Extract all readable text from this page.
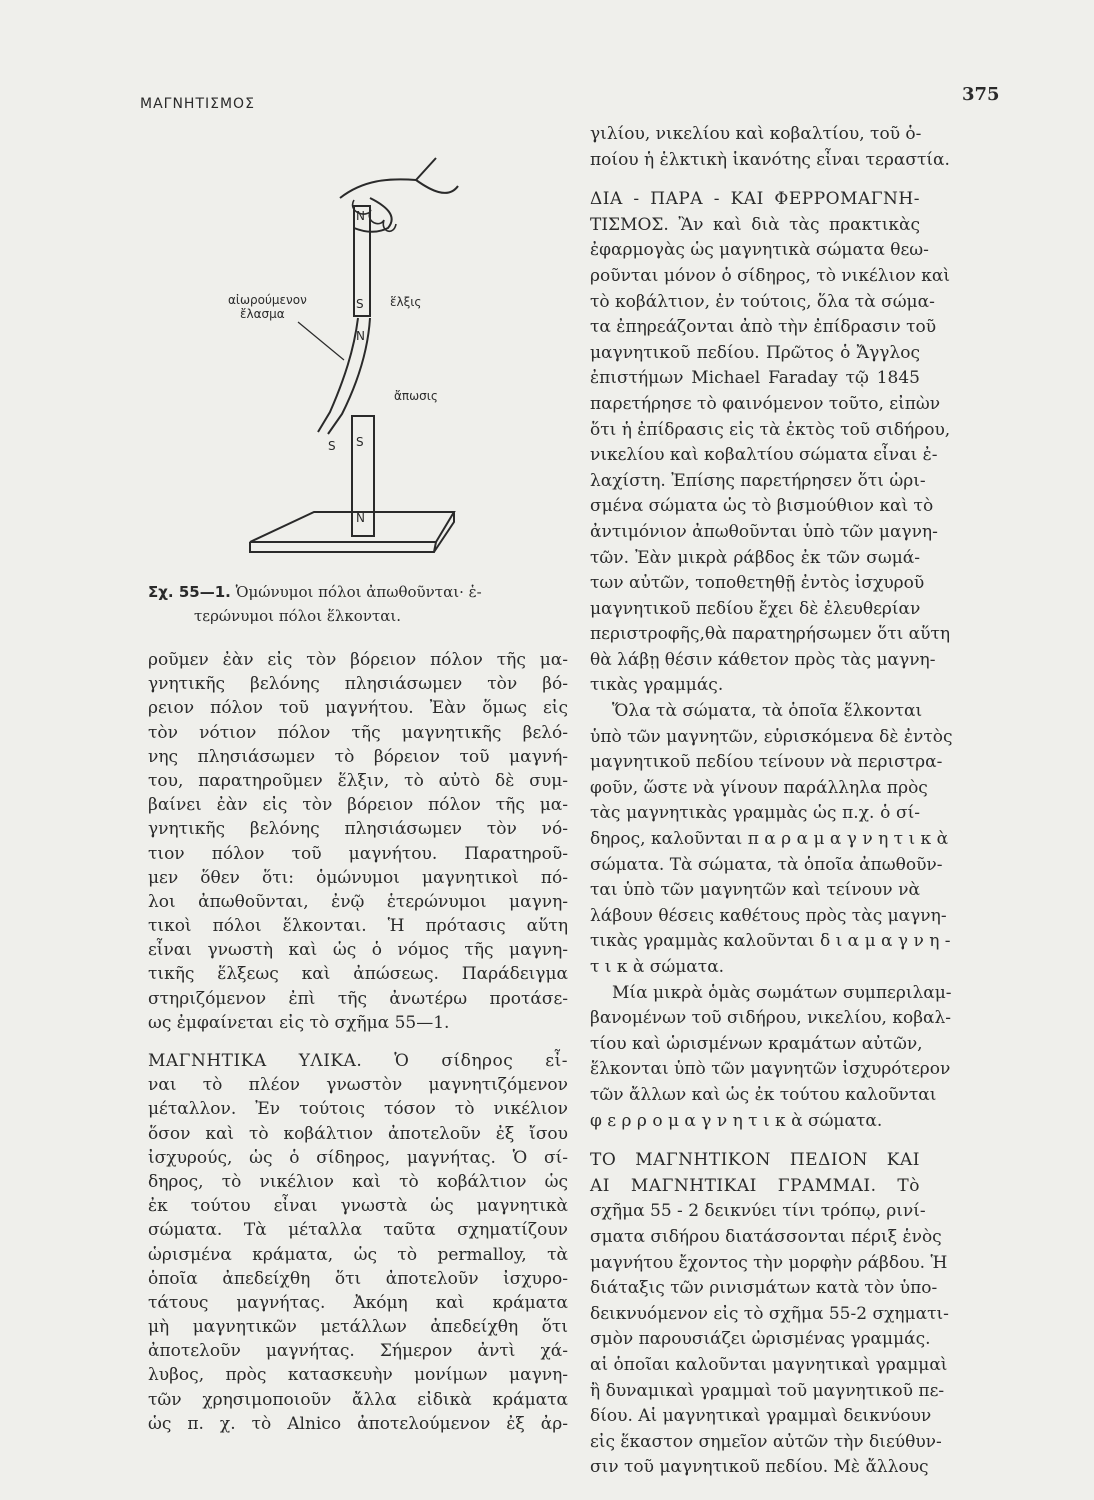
ΜΑΓΝΗΤΙΣΜΟΣ	375
N
S
N
S
αἰωρούμενον
ἔλασμα
ἕλξις
ἄπωσις
S
N
Σχ. 55—1. Ὁμώνυμοι πόλοι ἀπωθοῦνται· ἑ-
τερώνυμοι πόλοι ἕλκονται.
ροῦμεν ἐὰν εἰς τὸν βόρειον πόλον τῆς μα-
γνητικῆς βελόνης πλησιάσωμεν τὸν βό-
ρειον πόλον τοῦ μαγνήτου. Ἐὰν ὅμως εἰς
τὸν νότιον πόλον τῆς μαγνητικῆς βελό-
νης πλησιάσωμεν τὸ βόρειον τοῦ μαγνή-
του, παρατηροῦμεν ἕλξιν, τὸ αὐτὸ δὲ συμ-
βαίνει ἐὰν εἰς τὸν βόρειον πόλον τῆς μα-
γνητικῆς βελόνης πλησιάσωμεν τὸν νό-
τιον πόλον τοῦ μαγνήτου. Παρατηροῦ-
μεν ὅθεν ὅτι: ὁμώνυμοι μαγνητικοὶ πό-
λοι ἀπωθοῦνται, ἐνῷ ἑτερώνυμοι μαγνη-
τικοὶ πόλοι ἕλκονται. Ἡ πρότασις αὕτη
εἶναι γνωστὴ καὶ ὡς ὁ νόμος τῆς μαγνη-
τικῆς ἕλξεως καὶ ἀπώσεως. Παράδειγμα
στηριζόμενον ἐπὶ τῆς ἀνωτέρω προτάσε-
ως ἐμφαίνεται εἰς τὸ σχῆμα 55—1.
ΜΑΓΝΗΤΙΚΑ ΥΛΙΚΑ. Ὁ σίδηρος εἶ-
ναι τὸ πλέον γνωστὸν μαγνητιζόμενον
μέταλλον. Ἐν τούτοις τόσον τὸ νικέλιον
ὅσον καὶ τὸ κοβάλτιον ἀποτελοῦν ἐξ ἴσου
ἰσχυρούς, ὡς ὁ σίδηρος, μαγνήτας. Ὁ σί-
δηρος, τὸ νικέλιον καὶ τὸ κοβάλτιον ὡς
ἐκ τούτου εἶναι γνωστὰ ὡς μαγνητικὰ
σώματα. Τὰ μέταλλα ταῦτα σχηματίζουν
ὡρισμένα κράματα, ὡς τὸ permalloy, τὰ
ὁποῖα ἀπεδείχθη ὅτι ἀποτελοῦν ἰσχυρο-
τάτους μαγνήτας. Ἀκόμη καὶ κράματα
μὴ μαγνητικῶν μετάλλων ἀπεδείχθη ὅτι
ἀποτελοῦν μαγνήτας. Σήμερον ἀντὶ χά-
λυβος, πρὸς κατασκευὴν μονίμων μαγνη-
τῶν χρησιμοποιοῦν ἄλλα εἰδικὰ κράματα
ὡς π. χ. τὸ Alnico ἀποτελούμενον ἐξ ἀρ-
γιλίου, νικελίου καὶ κοβαλτίου, τοῦ ὁ-
ποίου ἡ ἑλκτικὴ ἱκανότης εἶναι τεραστία.
ΔΙΑ - ΠΑΡΑ - ΚΑΙ ΦΕΡΡΟΜΑΓΝΗ-
ΤΙΣΜΟΣ. Ἂν καὶ διὰ τὰς πρακτικὰς
ἐφαρμογὰς ὡς μαγνητικὰ σώματα θεω-
ροῦνται μόνον ὁ σίδηρος, τὸ νικέλιον καὶ
τὸ κοβάλτιον, ἐν τούτοις, ὅλα τὰ σώμα-
τα ἐπηρεάζονται ἀπὸ τὴν ἐπίδρασιν τοῦ
μαγνητικοῦ πεδίου. Πρῶτος ὁ Ἄγγλος
ἐπιστήμων Michael Faraday τῷ 1845
παρετήρησε τὸ φαινόμενον τοῦτο, εἰπὼν
ὅτι ἡ ἐπίδρασις εἰς τὰ ἐκτὸς τοῦ σιδήρου,
νικελίου καὶ κοβαλτίου σώματα εἶναι ἐ-
λαχίστη. Ἐπίσης παρετήρησεν ὅτι ὡρι-
σμένα σώματα ὡς τὸ βισμούθιον καὶ τὸ
ἀντιμόνιον ἀπωθοῦνται ὑπὸ τῶν μαγνη-
τῶν. Ἐὰν μικρὰ ράβδος ἐκ τῶν σωμά-
των αὐτῶν, τοποθετηθῇ ἐντὸς ἰσχυροῦ
μαγνητικοῦ πεδίου ἔχει δὲ ἐλευθερίαν
περιστροφῆς,θὰ παρατηρήσωμεν ὅτι αὕτη
θὰ λάβῃ θέσιν κάθετον πρὸς τὰς μαγνη-
τικὰς γραμμάς.
Ὅλα τὰ σώματα, τὰ ὁποῖα ἕλκονται
ὑπὸ τῶν μαγνητῶν, εὑρισκόμενα δὲ ἐντὸς
μαγνητικοῦ πεδίου τείνουν νὰ περιστρα-
φοῦν, ὥστε νὰ γίνουν παράλληλα πρὸς
τὰς μαγνητικὰς γραμμὰς ὡς π.χ. ὁ σί-
δηρος, καλοῦνται π α ρ α μ α γ ν η τ ι κ ὰ
σώματα. Τὰ σώματα, τὰ ὁποῖα ἀπωθοῦν-
ται ὑπὸ τῶν μαγνητῶν καὶ τείνουν νὰ
λάβουν θέσεις καθέτους πρὸς τὰς μαγνη-
τικὰς γραμμὰς καλοῦνται δ ι α μ α γ ν η -
τ ι κ ὰ σώματα.
Μία μικρὰ ὁμὰς σωμάτων συμπεριλαμ-
βανομένων τοῦ σιδήρου, νικελίου, κοβαλ-
τίου καὶ ὡρισμένων κραμάτων αὐτῶν,
ἕλκονται ὑπὸ τῶν μαγνητῶν ἰσχυρότερον
τῶν ἄλλων καὶ ὡς ἐκ τούτου καλοῦνται
φ ε ρ ρ ο μ α γ ν η τ ι κ ὰ σώματα.
ΤΟ ΜΑΓΝΗΤΙΚΟΝ ΠΕΔΙΟΝ ΚΑΙ
ΑΙ ΜΑΓΝΗΤΙΚΑΙ ΓΡΑΜΜΑΙ. Τὸ
σχῆμα 55 - 2 δεικνύει τίνι τρόπῳ, ρινί-
σματα σιδήρου διατάσσονται πέριξ ἑνὸς
μαγνήτου ἔχοντος τὴν μορφὴν ράβδου. Ἡ
διάταξις τῶν ρινισμάτων κατὰ τὸν ὑπο-
δεικνυόμενον εἰς τὸ σχῆμα 55-2 σχηματι-
σμὸν παρουσιάζει ὡρισμένας γραμμάς.
αἱ ὁποῖαι καλοῦνται μαγνητικαὶ γραμμαὶ
ἢ δυναμικαὶ γραμμαὶ τοῦ μαγνητικοῦ πε-
δίου. Αἱ μαγνητικαὶ γραμμαὶ δεικνύουν
εἰς ἕκαστον σημεῖον αὐτῶν τὴν διεύθυν-
σιν τοῦ μαγνητικοῦ πεδίου. Μὲ ἄλλους
